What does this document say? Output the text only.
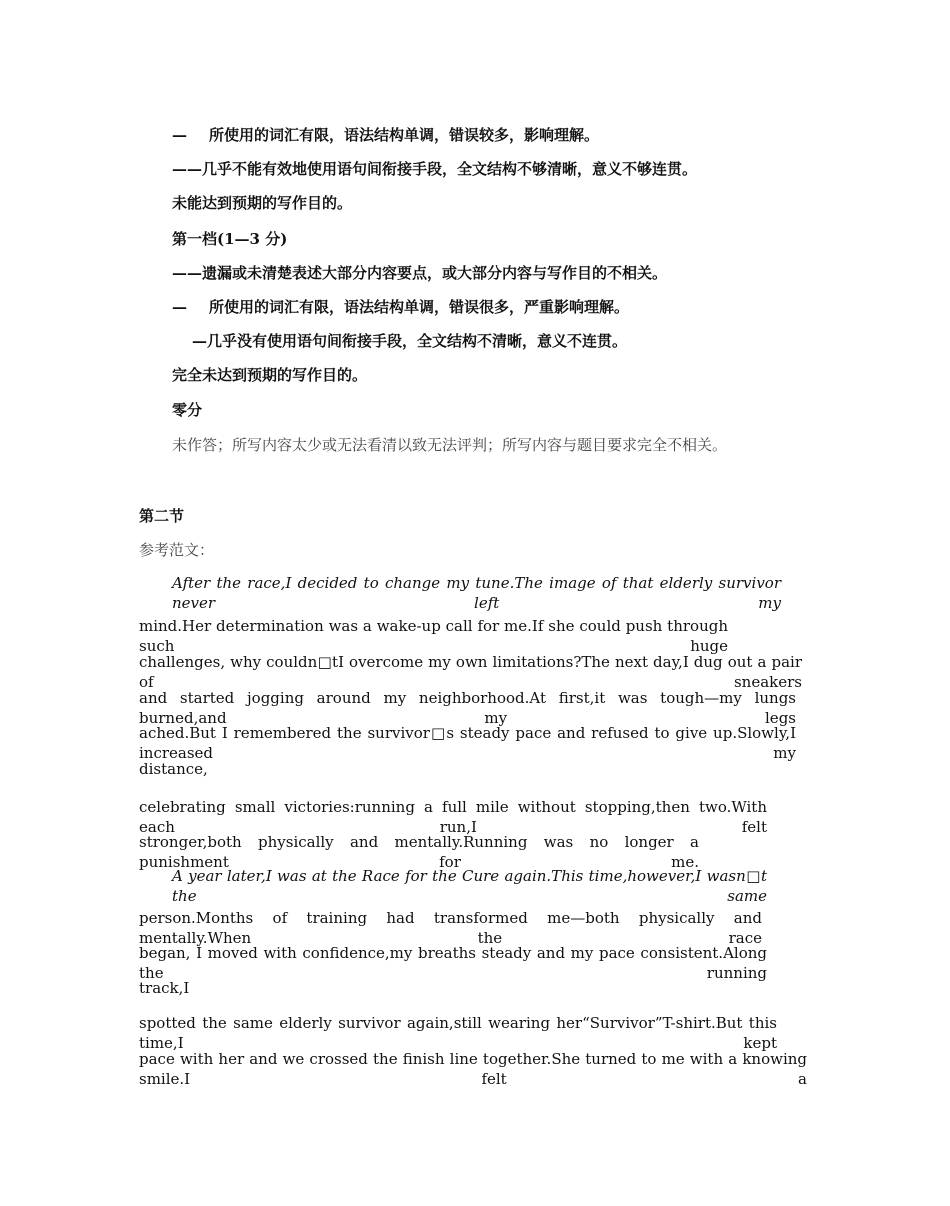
— 所使用的词汇有限，语法结构单调，错误较多，影响理解。
——几乎不能有效地使用语句间衔接手段，全文结构不够清晰，意义不够连贯。
未能达到预期的写作目的。
第一档(1—3 分)
——遗漏或未清楚表述大部分内容要点，或大部分内容与写作目的不相关。
— 所使用的词汇有限，语法结构单调，错误很多，严重影响理解。
—几乎没有使用语句间衔接手段，全文结构不清晰，意义不连贯。
完全未达到预期的写作目的。
零分
未作答；所写内容太少或无法看清以致无法评判；所写内容与题目要求完全不相关。
第二节
参考范文：
After the race,I decided to change my tune.The image of that elderly survivor never left my
mind.Her determination was a wake-up call for me.If she could push through such huge
challenges, why couldn□tI overcome my own limitations?The next day,I dug out a pair of sneakers
and started jogging around my neighborhood.At first,it was tough—my lungs burned,and my legs
ached.But I remembered the survivor□s steady pace and refused to give up.Slowly,I increased my
distance,
celebrating small victories:running a full mile without stopping,then two.With each run,I felt
stronger,both physically and mentally.Running was no longer a punishment for me.
A year later,I was at the Race for the Cure again.This time,however,I wasn□t the same
person.Months of training had transformed me—both physically and mentally.When the race
began, I moved with confidence,my breaths steady and my pace consistent.Along the running
track,I
spotted the same elderly survivor again,still wearing her“Survivor”T-shirt.But this time,I kept
pace with her and we crossed the finish line together.She turned to me with a knowing smile.I felt a
